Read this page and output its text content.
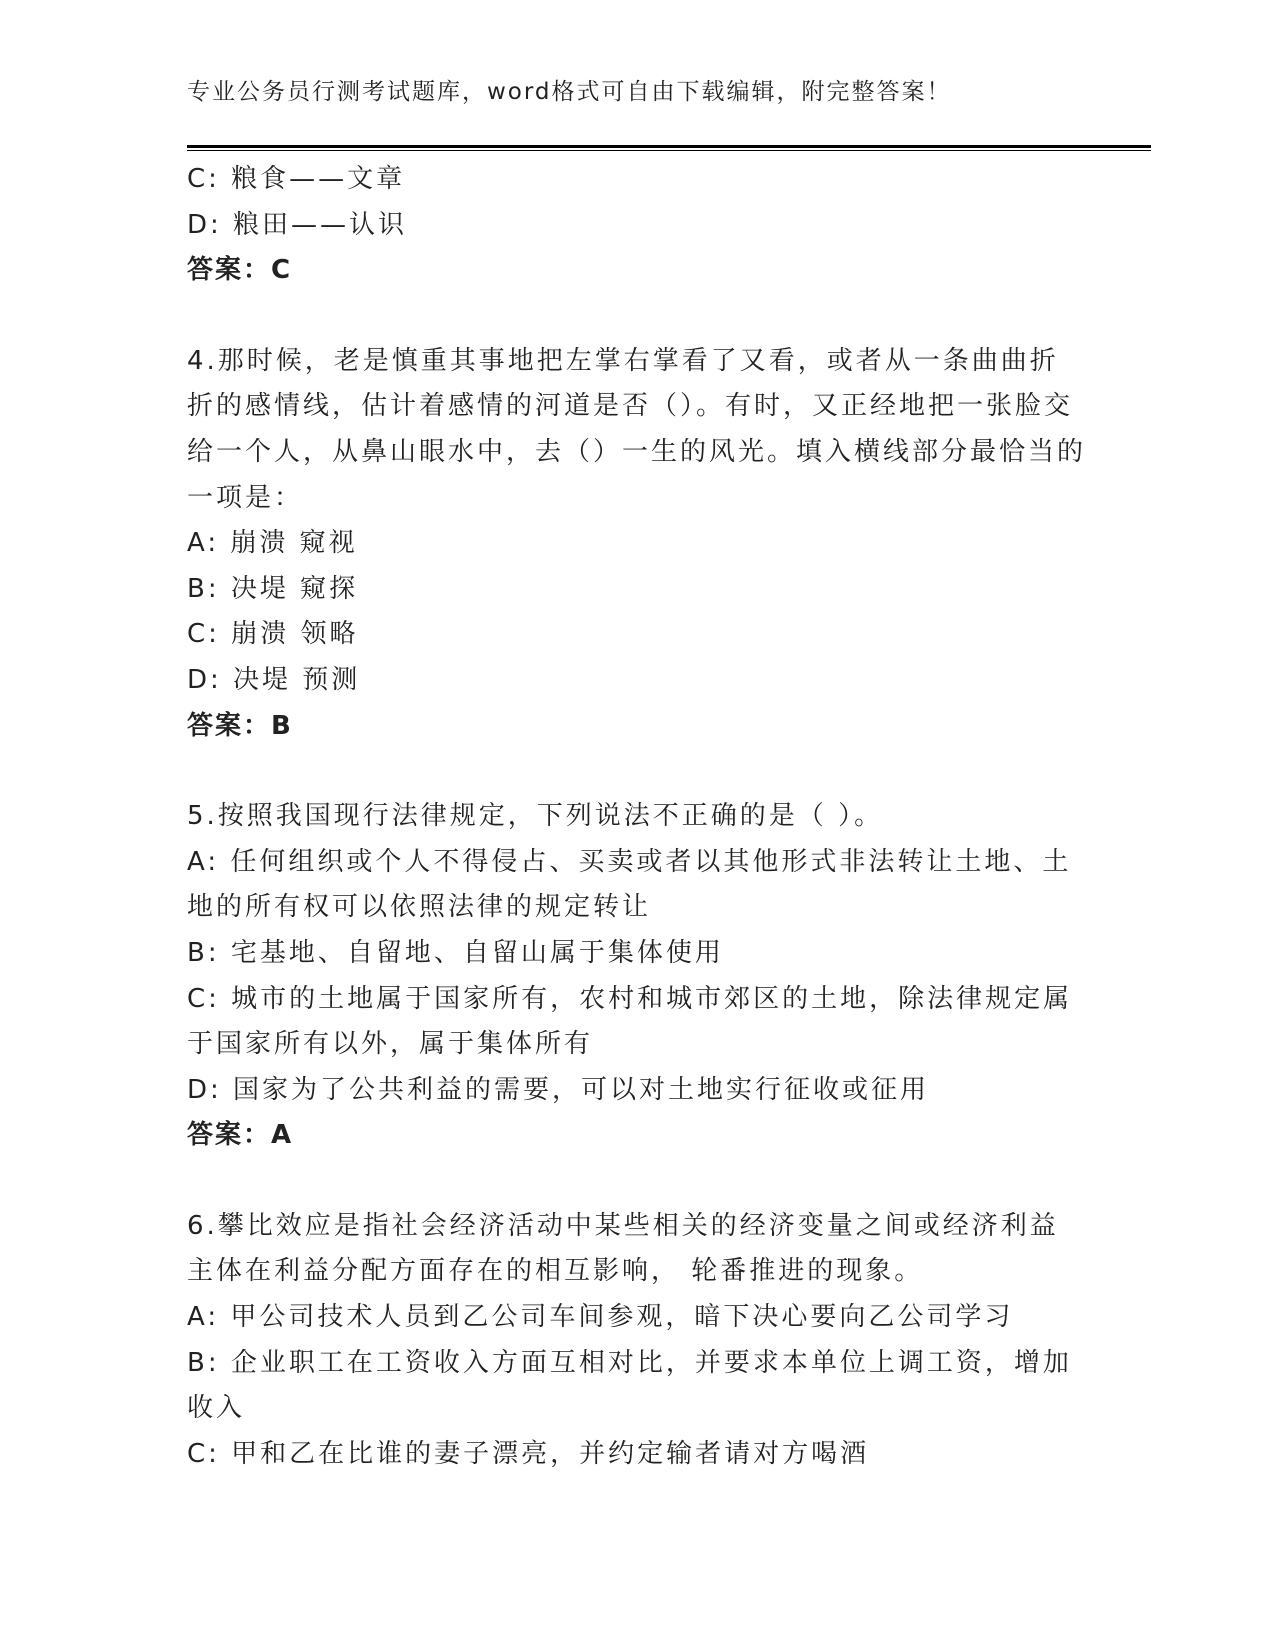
专业公务员行测考试题库，word格式可自由下载编辑，附完整答案！
C: 粮食——文章
D: 粮田——认识
答案：C
4.那时候，老是慎重其事地把左掌右掌看了又看，或者从一条曲曲折折的感情线，估计着感情的河道是否（）。有时，又正经地把一张脸交给一个人，从鼻山眼水中，去（）一生的风光。填入横线部分最恰当的一项是：
A: 崩溃 窥视
B: 决堤 窥探
C: 崩溃 领略
D: 决堤 预测
答案：B
5.按照我国现行法律规定，下列说法不正确的是（ ）。
A: 任何组织或个人不得侵占、买卖或者以其他形式非法转让土地、土地的所有权可以依照法律的规定转让
B: 宅基地、自留地、自留山属于集体使用
C: 城市的土地属于国家所有，农村和城市郊区的土地，除法律规定属于国家所有以外，属于集体所有
D: 国家为了公共利益的需要，可以对土地实行征收或征用
答案：A
6.攀比效应是指社会经济活动中某些相关的经济变量之间或经济利益主体在利益分配方面存在的相互影响， 轮番推进的现象。
A: 甲公司技术人员到乙公司车间参观，暗下决心要向乙公司学习
B: 企业职工在工资收入方面互相对比，并要求本单位上调工资，增加收入
C: 甲和乙在比谁的妻子漂亮，并约定输者请对方喝酒
